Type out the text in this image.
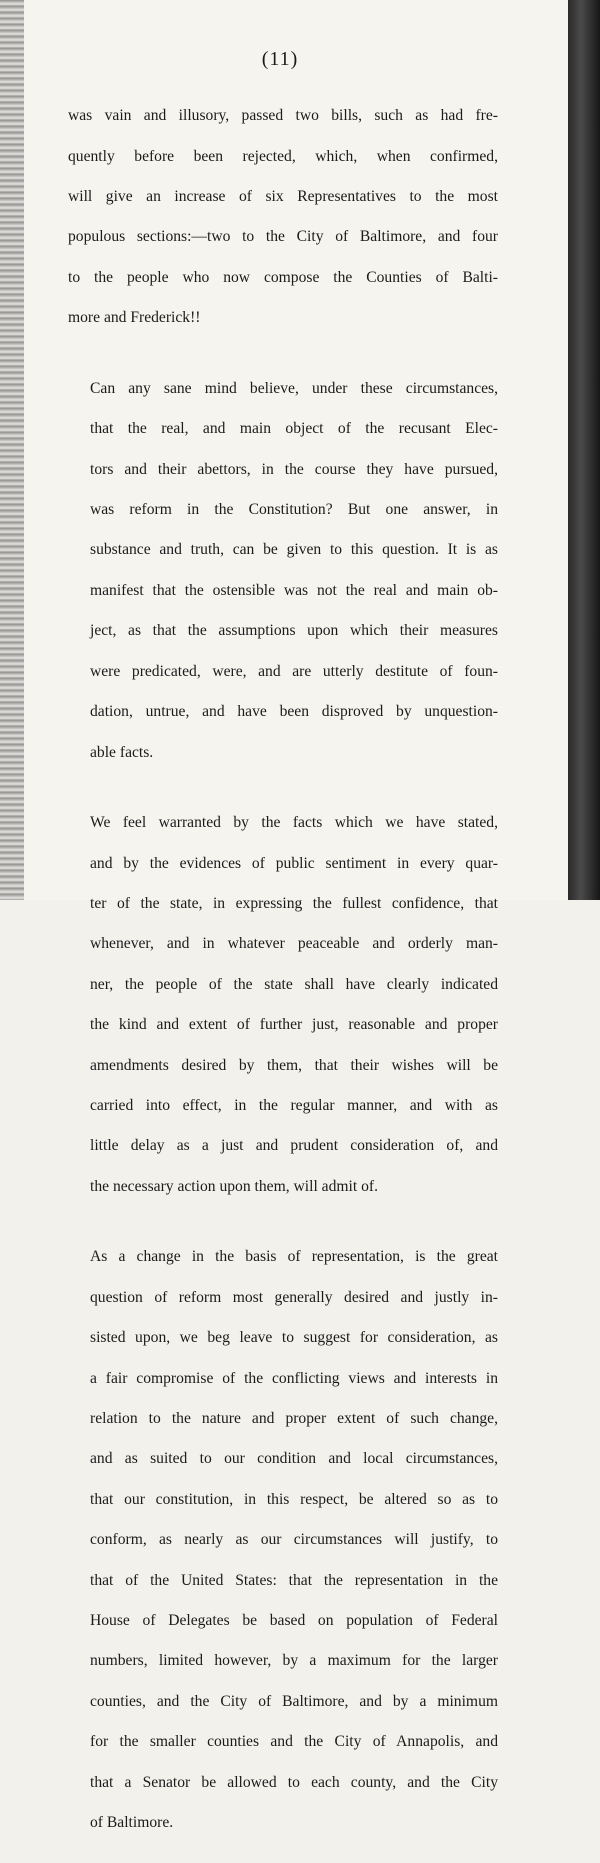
(11)

was vain and illusory, passed two bills, such as had fre-

quently before been rejected, which, when confirmed,

will give an increase of six Representatives to the most

populous sections:—two to the City of Baltimore, and four

to the people who now compose the Counties of Balti-

more and Frederick!!

Can any sane mind believe, under these circumstances,

that the real, and main object of the recusant Elec-

tors and their abettors, in the course they have pursued,

was reform in the Constitution? But one answer, in

substance and truth, can be given to this question. It is as

manifest that the ostensible was not the real and main ob-

ject, as that the assumptions upon which their measures

were predicated, were, and are utterly destitute of foun-

dation, untrue, and have been disproved by unquestion-

able facts.

We feel warranted by the facts which we have stated,

and by the evidences of public sentiment in every quar-

ter of the state, in expressing the fullest confidence, that

whenever, and in whatever peaceable and orderly man-

ner, the people of the state shall have clearly indicated

the kind and extent of further just, reasonable and proper

amendments desired by them, that their wishes will be

carried into effect, in the regular manner, and with as

little delay as a just and prudent consideration of, and

the necessary action upon them, will admit of.

As a change in the basis of representation, is the great

question of reform most generally desired and justly in-

sisted upon, we beg leave to suggest for consideration, as

a fair compromise of the conflicting views and interests in

relation to the nature and proper extent of such change,

and as suited to our condition and local circumstances,

that our constitution, in this respect, be altered so as to

conform, as nearly as our circumstances will justify, to

that of the United States: that the representation in the

House of Delegates be based on population of Federal

numbers, limited however, by a maximum for the larger

counties, and the City of Baltimore, and by a minimum

for the smaller counties and the City of Annapolis, and

that a Senator be allowed to each county, and the City

of Baltimore.
